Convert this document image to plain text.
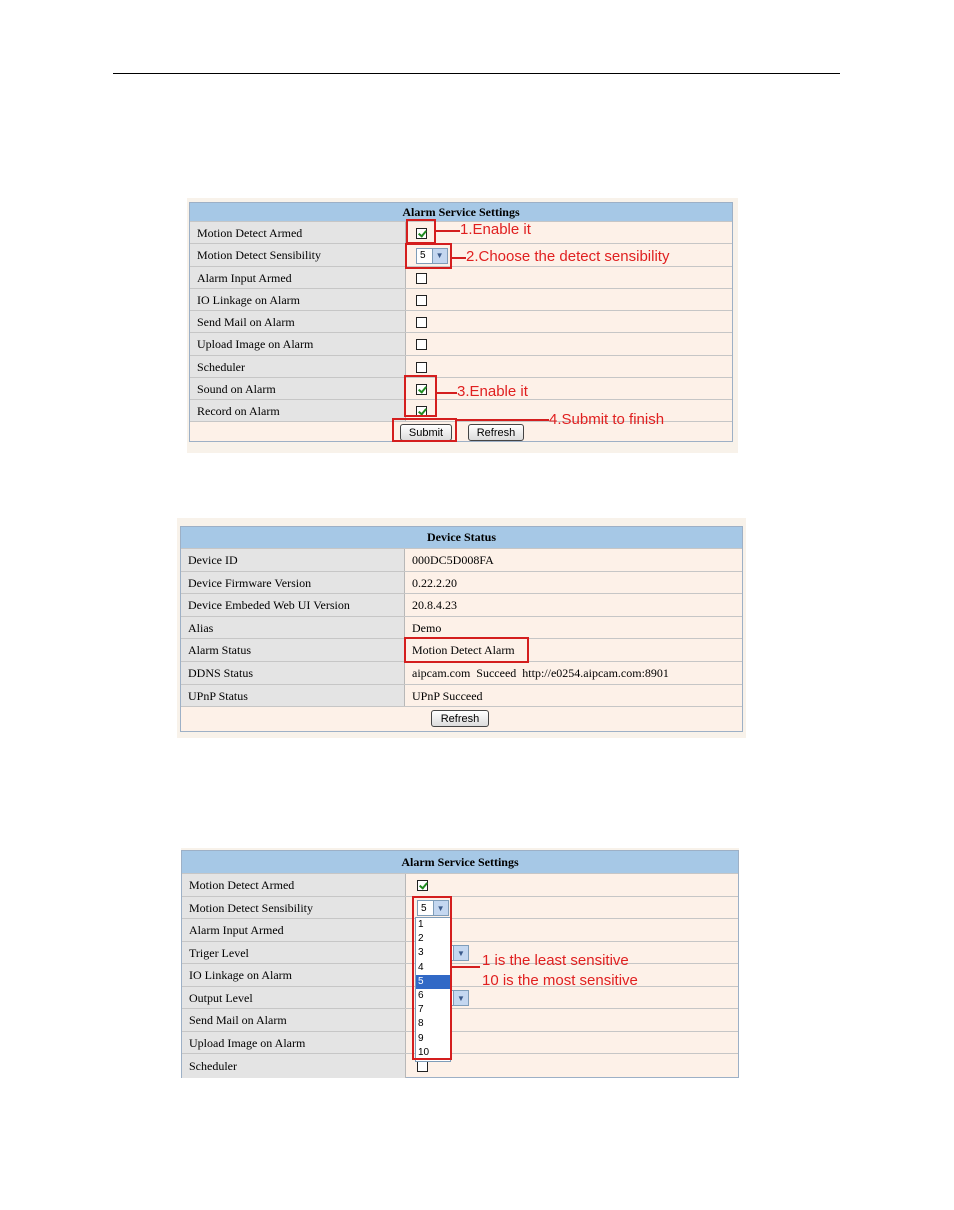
Alarm Service Settings
Motion Detect Armed
Motion Detect Sensibility	5	▼
Alarm Input Armed
IO Linkage on Alarm
Send Mail on Alarm
Upload Image on Alarm
Scheduler
Sound on Alarm
Record on Alarm
Submit	Refresh
1.Enable it
2.Choose the detect sensibility
3.Enable it
4.Submit to finish
Device Status
Device ID	000DC5D008FA
Device Firmware Version	0.22.2.20
Device Embeded Web UI Version	20.8.4.23
Alias	Demo
Alarm Status	Motion Detect Alarm
DDNS Status	aipcam.com  Succeed  http://e0254.aipcam.com:8901
UPnP Status	UPnP Succeed
Refresh
Alarm Service Settings
Motion Detect Armed
Motion Detect Sensibility	5	▼
Alarm Input Armed
Triger Level	▼
IO Linkage on Alarm
Output Level	▼
Send Mail on Alarm
Upload Image on Alarm
Scheduler
1
2
3
4
5
6
7
8
9
10
1 is the least sensitive
10 is the most sensitive
